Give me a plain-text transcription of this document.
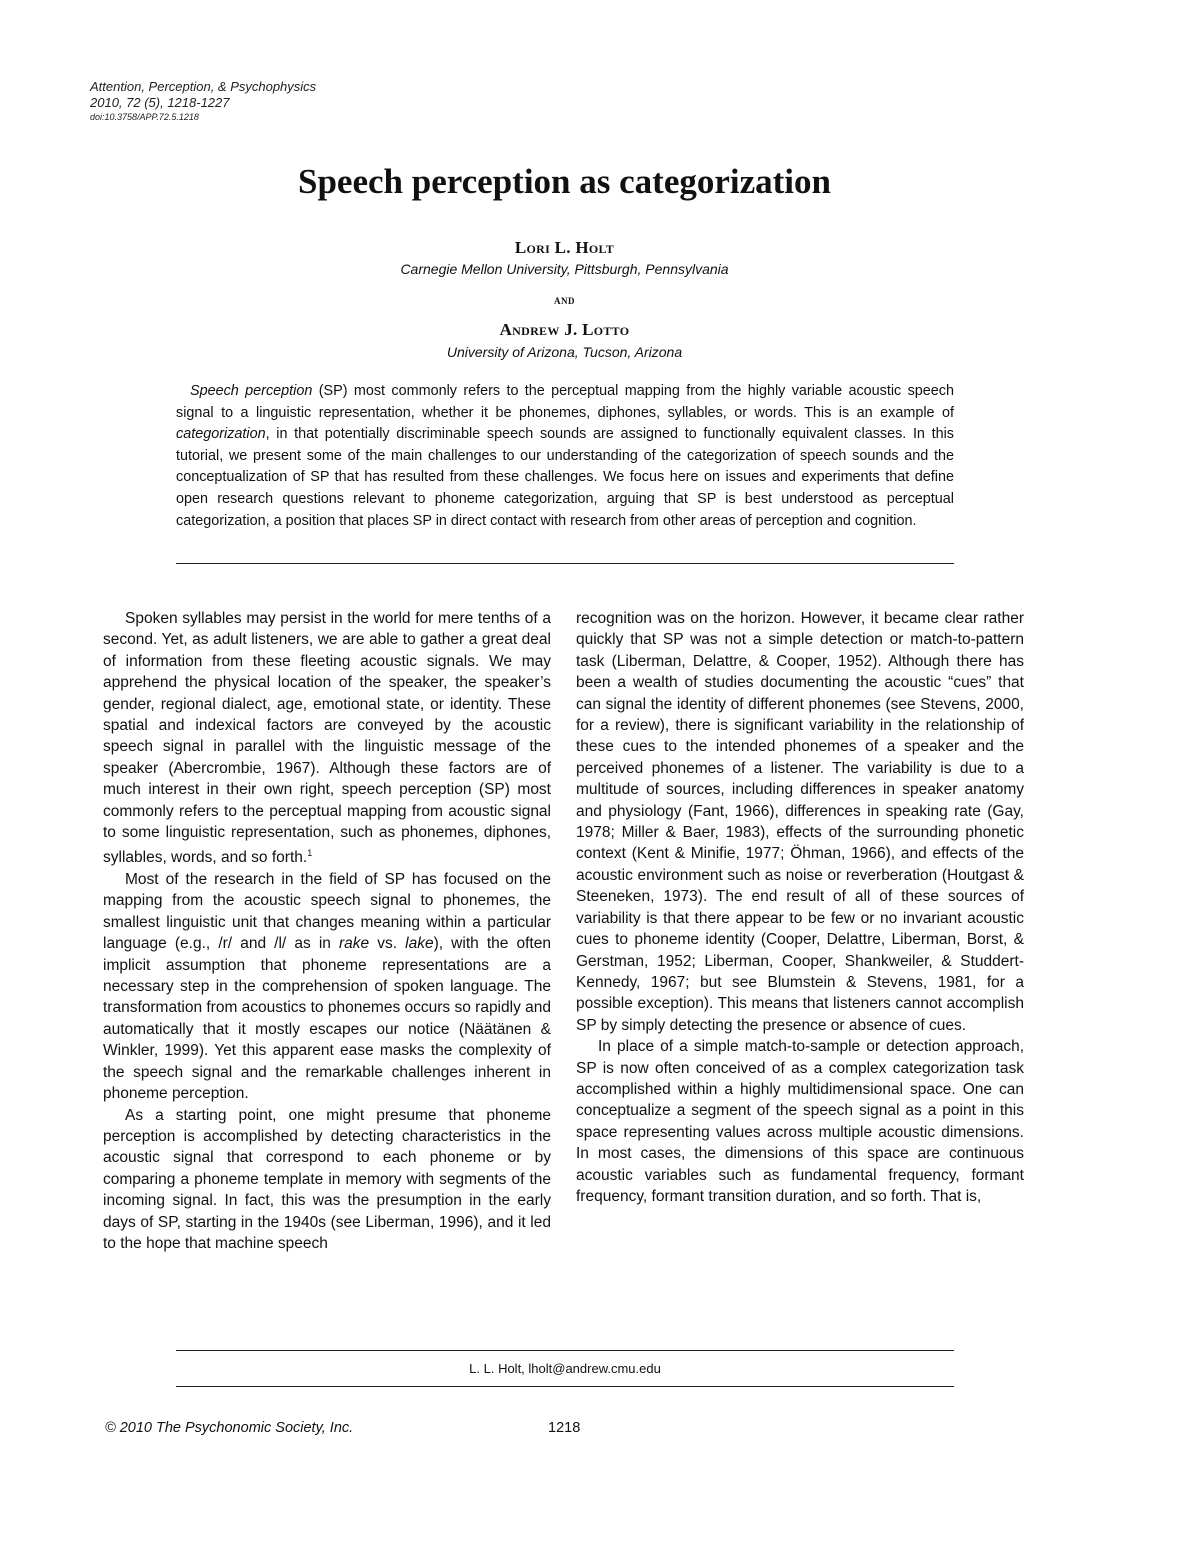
Attention, Perception, & Psychophysics
2010, 72 (5), 1218-1227
doi:10.3758/APP.72.5.1218
Speech perception as categorization
Lori L. Holt
Carnegie Mellon University, Pittsburgh, Pennsylvania
and
Andrew J. Lotto
University of Arizona, Tucson, Arizona

Speech perception (SP) most commonly refers to the perceptual mapping from the highly variable acoustic speech signal to a linguistic representation, whether it be phonemes, diphones, syllables, or words. This is an example of categorization, in that potentially discriminable speech sounds are assigned to functionally equivalent classes. In this tutorial, we present some of the main challenges to our understanding of the categorization of speech sounds and the conceptualization of SP that has resulted from these challenges. We focus here on issues and experiments that define open research questions relevant to phoneme categorization, arguing that SP is best understood as perceptual categorization, a position that places SP in direct contact with research from other areas of perception and cognition.

Spoken syllables may persist in the world for mere tenths of a second. Yet, as adult listeners, we are able to gather a great deal of information from these fleeting acoustic signals. We may apprehend the physical location of the speaker, the speaker’s gender, regional dialect, age, emotional state, or identity. These spatial and indexical factors are conveyed by the acoustic speech signal in parallel with the linguistic message of the speaker (Abercrombie, 1967). Although these factors are of much interest in their own right, speech perception (SP) most commonly refers to the perceptual mapping from acoustic signal to some linguistic representation, such as phonemes, diphones, syllables, words, and so forth.$^1$

Most of the research in the field of SP has focused on the mapping from the acoustic speech signal to phonemes, the smallest linguistic unit that changes meaning within a particular language (e.g., /r/ and /l/ as in rake vs. lake), with the often implicit assumption that phoneme representations are a necessary step in the comprehension of spoken language. The transformation from acoustics to phonemes occurs so rapidly and automatically that it mostly escapes our notice (Näätänen & Winkler, 1999). Yet this apparent ease masks the complexity of the speech signal and the remarkable challenges inherent in phoneme perception.

As a starting point, one might presume that phoneme perception is accomplished by detecting characteristics in the acoustic signal that correspond to each phoneme or by comparing a phoneme template in memory with segments of the incoming signal. In fact, this was the presumption in the early days of SP, starting in the 1940s (see Liberman, 1996), and it led to the hope that machine speech

recognition was on the horizon. However, it became clear rather quickly that SP was not a simple detection or match-to-pattern task (Liberman, Delattre, & Cooper, 1952). Although there has been a wealth of studies documenting the acoustic “cues” that can signal the identity of different phonemes (see Stevens, 2000, for a review), there is significant variability in the relationship of these cues to the intended phonemes of a speaker and the perceived phonemes of a listener. The variability is due to a multitude of sources, including differences in speaker anatomy and physiology (Fant, 1966), differences in speaking rate (Gay, 1978; Miller & Baer, 1983), effects of the surrounding phonetic context (Kent & Minifie, 1977; Öhman, 1966), and effects of the acoustic environment such as noise or reverberation (Houtgast & Steeneken, 1973). The end result of all of these sources of variability is that there appear to be few or no invariant acoustic cues to phoneme identity (Cooper, Delattre, Liberman, Borst, & Gerstman, 1952; Liberman, Cooper, Shankweiler, & Studdert-Kennedy, 1967; but see Blumstein & Stevens, 1981, for a possible exception). This means that listeners cannot accomplish SP by simply detecting the presence or absence of cues.

In place of a simple match-to-sample or detection approach, SP is now often conceived of as a complex categorization task accomplished within a highly multidimensional space. One can conceptualize a segment of the speech signal as a point in this space representing values across multiple acoustic dimensions. In most cases, the dimensions of this space are continuous acoustic variables such as fundamental frequency, formant frequency, formant transition duration, and so forth. That is,

L. L. Holt, lholt@andrew.cmu.edu
© 2010 The Psychonomic Society, Inc.	1218
